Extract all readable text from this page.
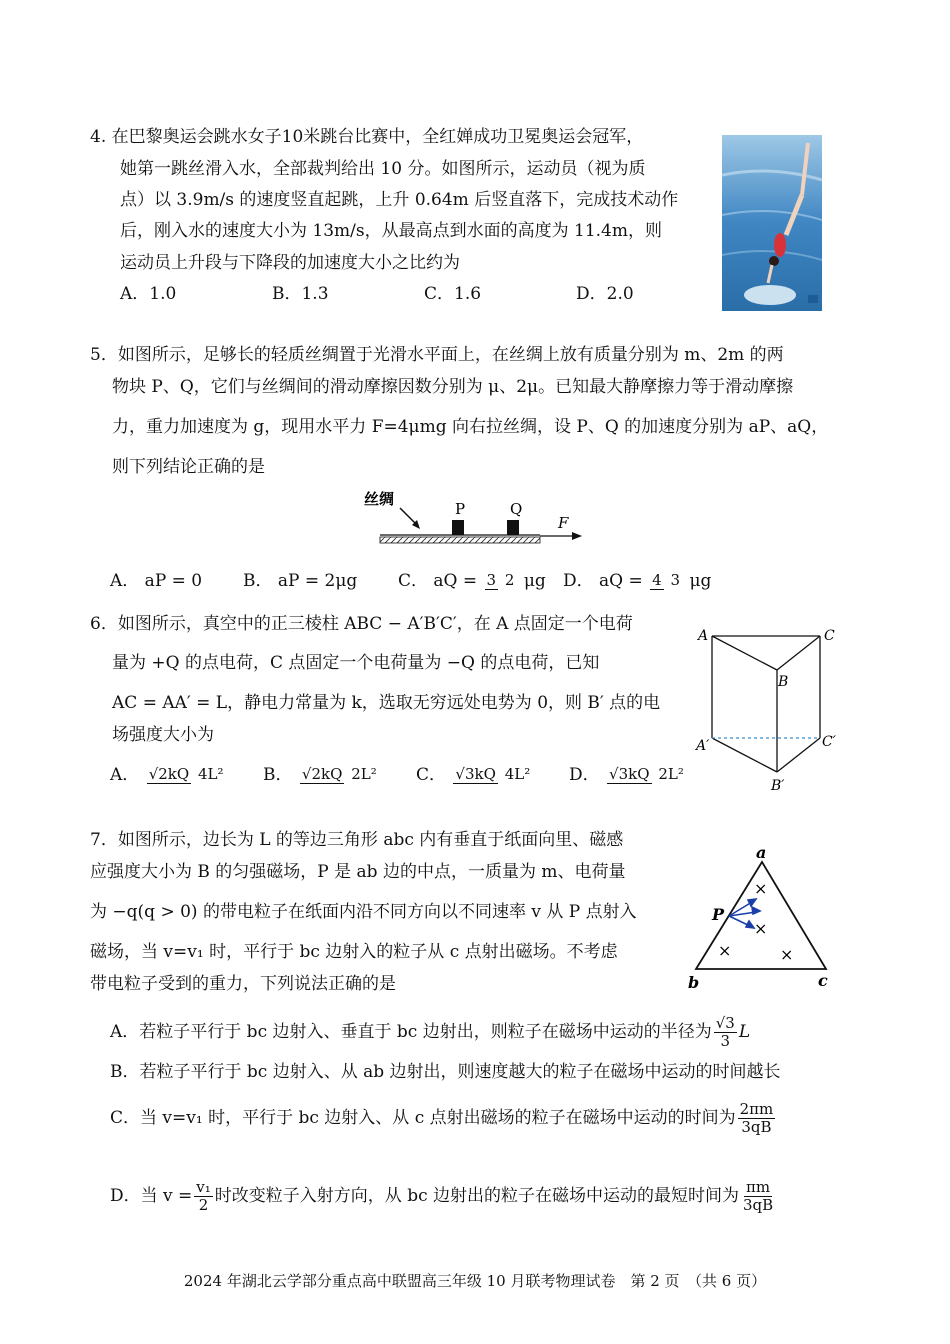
4. 在巴黎奥运会跳水女子10米跳台比赛中，全红婵成功卫冕奥运会冠军，
她第一跳丝滑入水，全部裁判给出 10 分。如图所示，运动员（视为质
点）以 3.9m/s 的速度竖直起跳，上升 0.64m 后竖直落下，完成技术动作
后，刚入水的速度大小为 13m/s，从最高点到水面的高度为 11.4m，则
运动员上升段与下降段的加速度大小之比约为
A．1.0	B．1.3	C．1.6	D．2.0
5．如图所示，足够长的轻质丝绸置于光滑水平面上，在丝绸上放有质量分别为 m、2m 的两
物块 P、Q，它们与丝绸间的滑动摩擦因数分别为 μ、2μ。已知最大静摩擦力等于滑动摩擦
力，重力加速度为 g，现用水平力 F=4μmg 向右拉丝绸，设 P、Q 的加速度分别为 aP、aQ，
则下列结论正确的是
丝绸
P	Q
F
A． aP = 0	B． aP = 2μg	C． aQ = 3 2 μg	D． aQ = 4 3 μg
6．如图所示，真空中的正三棱柱 ABC − A′B′C′，在 A 点固定一个电荷
量为 +Q 的点电荷，C 点固定一个电荷量为 −Q 的点电荷，已知
AC = AA′ = L，静电力常量为 k，选取无穷远处电势为 0，则 B′ 点的电
场强度大小为
A	C
B
A′	C′
B′
A． √2kQ 4L²	B． √2kQ 2L²	C． √3kQ 4L²	D． √3kQ 2L²
7．如图所示，边长为 L 的等边三角形 abc 内有垂直于纸面向里、磁感
应强度大小为 B 的匀强磁场，P 是 ab 边的中点，一质量为 m、电荷量
为 −q(q > 0) 的带电粒子在纸面内沿不同方向以不同速率 v 从 P 点射入
磁场，当 v=v₁ 时，平行于 bc 边射入的粒子从 c 点射出磁场。不考虑
带电粒子受到的重力，下列说法正确的是
a
b	c
P
×
×
×	×
A．若粒子平行于 bc 边射入、垂直于 bc 边射出，则粒子在磁场中运动的半径为 $\frac{√3}{3}$ L
B．若粒子平行于 bc 边射入、从 ab 边射出，则速度越大的粒子在磁场中运动的时间越长
C．当 v=v₁ 时，平行于 bc 边射入、从 c 点射出磁场的粒子在磁场中运动的时间为 $\frac{2\pi m}{3qB}$
D．当 $v = \frac{\text{v₁}}{2}$ 时改变粒子入射方向，从 bc 边射出的粒子在磁场中运动的最短时间为 $\frac{\pi m}{3qB}$
2024 年湖北云学部分重点高中联盟高三年级 10 月联考物理试卷　第 2 页　（共 6 页）
